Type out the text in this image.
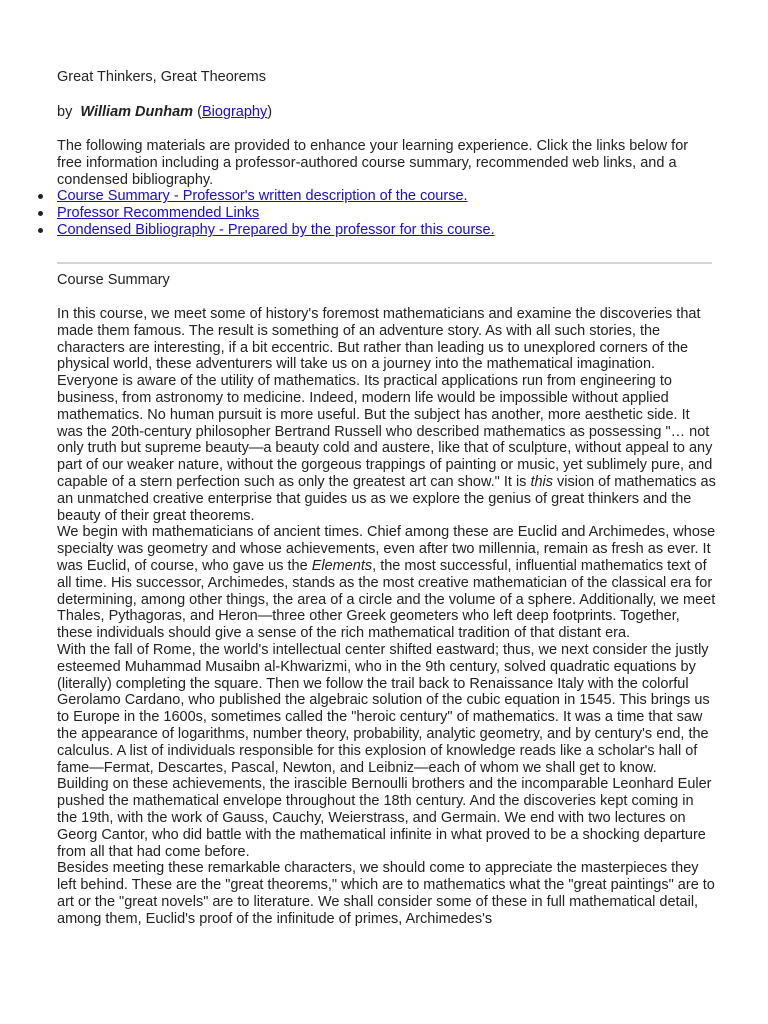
Great Thinkers, Great Theorems
by William Dunham (Biography)
The following materials are provided to enhance your learning experience. Click the links below for free information including a professor-authored course summary, recommended web links, and a condensed bibliography.
Course Summary - Professor's written description of the course.
Professor Recommended Links
Condensed Bibliography - Prepared by the professor for this course.
Course Summary

In this course, we meet some of history's foremost mathematicians and examine the discoveries that made them famous. The result is something of an adventure story. As with all such stories, the characters are interesting, if a bit eccentric. But rather than leading us to unexplored corners of the physical world, these adventurers will take us on a journey into the mathematical imagination.

Everyone is aware of the utility of mathematics. Its practical applications run from engineering to business, from astronomy to medicine. Indeed, modern life would be impossible without applied mathematics. No human pursuit is more useful. But the subject has another, more aesthetic side. It was the 20th-century philosopher Bertrand Russell who described mathematics as possessing "… not only truth but supreme beauty—a beauty cold and austere, like that of sculpture, without appeal to any part of our weaker nature, without the gorgeous trappings of painting or music, yet sublimely pure, and capable of a stern perfection such as only the greatest art can show." It is this vision of mathematics as an unmatched creative enterprise that guides us as we explore the genius of great thinkers and the beauty of their great theorems.

We begin with mathematicians of ancient times. Chief among these are Euclid and Archimedes, whose specialty was geometry and whose achievements, even after two millennia, remain as fresh as ever. It was Euclid, of course, who gave us the Elements, the most successful, influential mathematics text of all time. His successor, Archimedes, stands as the most creative mathematician of the classical era for determining, among other things, the area of a circle and the volume of a sphere. Additionally, we meet Thales, Pythagoras, and Heron—three other Greek geometers who left deep footprints. Together, these individuals should give a sense of the rich mathematical tradition of that distant era.

With the fall of Rome, the world's intellectual center shifted eastward; thus, we next consider the justly esteemed Muhammad Musaibn al-Khwarizmi, who in the 9th century, solved quadratic equations by (literally) completing the square. Then we follow the trail back to Renaissance Italy with the colorful Gerolamo Cardano, who published the algebraic solution of the cubic equation in 1545. This brings us to Europe in the 1600s, sometimes called the "heroic century" of mathematics. It was a time that saw the appearance of logarithms, number theory, probability, analytic geometry, and by century's end, the calculus. A list of individuals responsible for this explosion of knowledge reads like a scholar's hall of fame—Fermat, Descartes, Pascal, Newton, and Leibniz—each of whom we shall get to know.

Building on these achievements, the irascible Bernoulli brothers and the incomparable Leonhard Euler pushed the mathematical envelope throughout the 18th century. And the discoveries kept coming in the 19th, with the work of Gauss, Cauchy, Weierstrass, and Germain. We end with two lectures on Georg Cantor, who did battle with the mathematical infinite in what proved to be a shocking departure from all that had come before.

Besides meeting these remarkable characters, we should come to appreciate the masterpieces they left behind. These are the "great theorems," which are to mathematics what the "great paintings" are to art or the "great novels" are to literature. We shall consider some of these in full mathematical detail, among them, Euclid's proof of the infinitude of primes, Archimedes's
